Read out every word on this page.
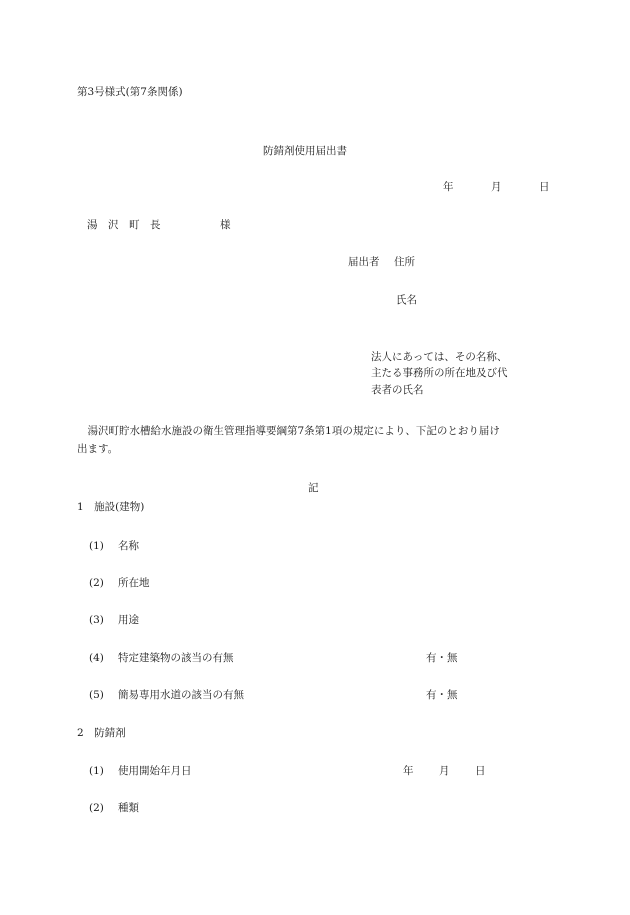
第3号様式(第7条関係)
防錆剤使用届出書
年	月	日
湯　沢　町　長	様
届出者 住所
氏名
法人にあっては、その名称、
主たる事務所の所在地及び代
表者の氏名
　湯沢町貯水槽給水施設の衛生管理指導要綱第7条第1項の規定により、下記のとおり届け
出ます。
記
1　施設(建物)
(1) 名称
(2) 所在地
(3) 用途
(4) 特定建築物の該当の有無	有・無
(5) 簡易専用水道の該当の有無	有・無
2　防錆剤
(1) 使用開始年月日	年 月 日
(2) 種類
